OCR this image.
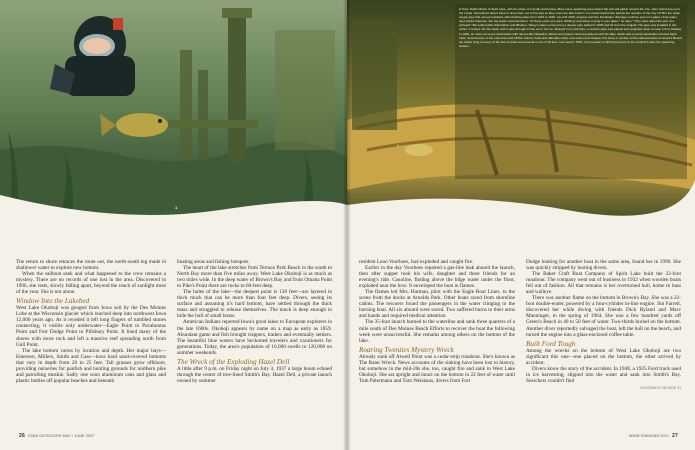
1

The return to shore retraces the route out, the north-south leg made in shallower water to explore new bottom.

When the sailboat sank and what happened to the crew remains a mystery. There are no records of one lost in the area. Discovered in 1996, she rests, slowly falling apart, beyond the reach of sunlight most of the year. She is not alone.

Window Into the Lakebed

West Lake Okoboji was gouged from Iowa soil by the Des Moines Lobe at the Wisconsin glacier which reached deep into northwest Iowa 12,000 years ago. As it receded it left long fingers of tumbled stones connecting, it visible only underwater—Eagle Point to Pocahontas Point and Fort Dodge Point to Pillsbury Point. It lined many of the shores with more rock and left a massive reef spreading north from Gull Point.

The lake bottom varies by location and depth. Her major bays—Emerson, Millers, Smith and Cass—have hard sand-covered bottoms that vary in depth from 20 to 25 feet. Tall grasses grow offshore, providing nurseries for panfish and hunting grounds for northern pike and patrolling muskie. Sadly one soon aluminum cans and glass and plastic bottles off popular beaches and beneath

boating areas and fishing hotspots.

The heart of the lake stretches from Terrace Park Beach in the south to North Bay more than five miles away. West Lake Okoboji is as much as two miles wide. In the deep water of Brown's Bay and from Omaha Point to Pike's Point there are rocks to 60-feet deep.

The holes of the lake—the deepest point is 138 feet—are layered in thick muck that can be more than four feet deep. Divers, seeing its surface and assuming it's hard bottom, have settled through the thick mass and struggled to release themselves. The muck is deep enough to hide the hull of small boats.

American Indians reported Iowa's great lakes to European explorers in the late 1600s. Okoboji appears by name on a map as early as 1859. Abundant game and fish brought trappers, traders and eventually settlers. The beautiful blue waters have beckoned travelers and vacationers for generations. Today, the area's population of 10,000 swells to 120,000 on summer weekends.

The Wreck of the Exploding Hazel Dell

A little after 9 p.m. on Friday night on July 3, 1937 a large boom echoed through the center of tree-lined Smith's Bay. Hazel Dell, a private launch owned by summer

26 IOWA OUTDOORS MAY / JUNE 2007

2 Once Dollar Marsh of Spirit Lake, with the state of a small-mouth bass, Boss some spawning area waters flat and will gather around the site, often swimming up to the meals. Sometimes divers have to obey them out of the way so they cover the lake bottom. 3 A small mouth bass patrols the remains of the City of Hill's the water supply pipe that served residents with drinking water from 1915 to 1946. Up until 1915, dugouts and tiny freshwater drainage could be seen in a glass of tap water, says David Coleman, the city water superintendent. "At those years you were drinking something moving in your glass," he says." They were about the size of a pinhead." But ended with chlorination and filtration, Tobey's water comes from a deeper pipe added in 1935 and far from the original. The pipe was installed in the winter. It looked into the water with a pipe through a hole cut in the ice. Brought in by old ships, a wooden pipe was placed and weighted down to keep it from floating. In 1884, as many as seven steamships with names like Hiawatha, Minnie and Queen carried people around the lake, which was a tourist destination around Spirit Lake. Several were in the mid-sized and 1870s, before roads and railroads made it an easier and cheaper trip. Even a number of the railroad tracks of Green's Beach, the tracks lying in seven of the feet of water and several in one of 25 feet. Last used in 1951, the propeller is still lying almost at the small fish after the spawning season.

resident Leon Voorhees, had exploded and caught fire.

Earlier in the day Voorhees repaired a gas-line leak aboard the launch, then after supper took his wife, daughter and three friends for an evening's ride. Gasoline, finding above the bilge water under the floor, exploded near the bow. It enveloped the boat in flames.

The flames led Mrs. Harman, pilot with the Eagle Boat Lines, to the scene from the docks at Arnolds Park. Other boats raced from shoreline cabins. The rescuers found the passengers in the water clinging to the burning boat. All six aboard were saved. Two suffered burns to their arms and hands and required medical attention.

The 35-foot launch burned to the waterline and sank three quarters of a mile south of Des Moines Beach Efforts to recover the boat the following week were unsuccessful. She remains among others on the bottom of the lake.

Roaring Twenties Mystery Wreck

Already sunk off Atwell Point was a cedar-strip runabout. She's known as The Rater Wreck. News accounts of the sinking have been lost to history, but somehow in the mid-20s she, too, caught fire and sank in West Lake Okoboji. She sat upright and intact on the bottom in 22 feet of water until Tom Palermann and Tom Weishaus, divers from Fort

Dodge looking for another boat in the same area, found her in 1990. She was quickly stripped by looting divers.

The Baker Craft Boat Company of Spirit Lake built the 22-foot runabout. The company went out of business in 1932 when wooden boats fell out of fashion. All that remains is her overturned hull, home to bass and walleye.

There was another flame on the bottom in Brown's Bay. She was a 22-foot double-ender, powered by a four-cylinder in-line engine. Jim Farrell, discovered her while diving with friends Dick Ryland and Marv Manninger, in the spring of 1964. She was a few hundred yards off Green's Beach in 40 to 50 feet of water. Two-thirds buried on the bottom. Another diver reportedly salvaged the boat, left the hull on the beach, and turned the engine into a glass-enclosed coffee table.

Built Ford Tough

Among the wrecks on the bottom of West Lake Okoboji are two significant this one—one placed on the bottom, the other arrived by accident.

Divers know the story of the accident. In 1948, a 1925 Ford truck used in ice harvesting, slipped into the water and sank into Smith's Bay. Searchers couldn't find

CONTINUED ON PAGE 31
WWW.IOWADNR.GOV 27
